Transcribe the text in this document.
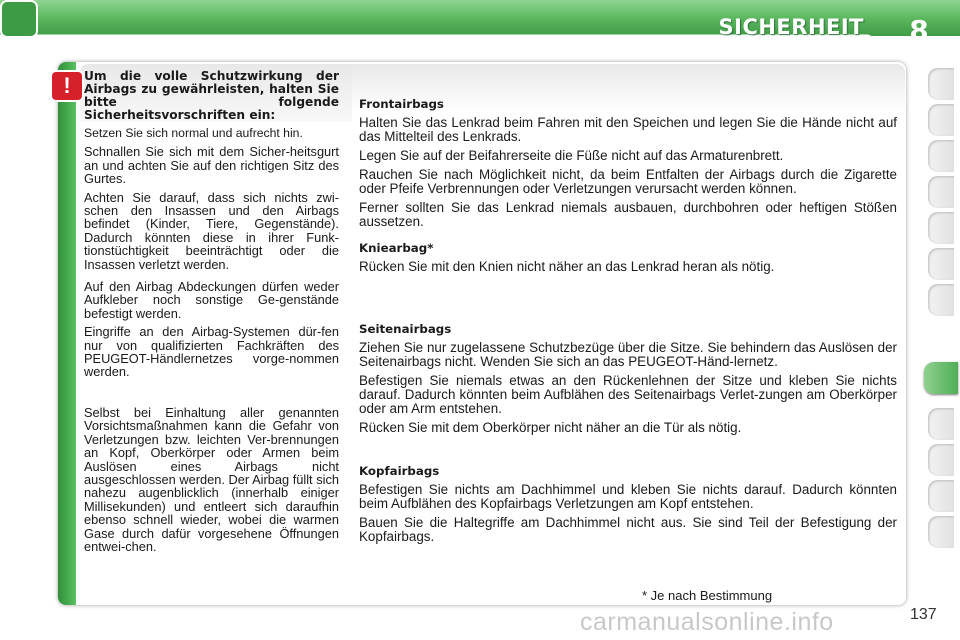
SICHERHEIT	8
!	Um die volle Schutzwirkung der Airbags zu gewährleisten, halten Sie bitte folgende Sicherheitsvorschriften ein:

Setzen Sie sich normal und aufrecht hin.

Schnallen Sie sich mit dem Sicher-heitsgurt an und achten Sie auf den richtigen Sitz des Gurtes.

Achten Sie darauf, dass sich nichts zwi-schen den Insassen und den Airbags befindet (Kinder, Tiere, Gegenstände). Dadurch könnten diese in ihrer Funk-tionstüchtigkeit beeinträchtigt oder die Insassen verletzt werden.

Auf den Airbag Abdeckungen dürfen weder Aufkleber noch sonstige Ge-genstände befestigt werden.

Eingriffe an den Airbag-Systemen dür-fen nur von qualifizierten Fachkräften des PEUGEOT-Händlernetzes vorge-nommen werden.

Selbst bei Einhaltung aller genannten Vorsichtsmaßnahmen kann die Gefahr von Verletzungen bzw. leichten Ver-brennungen an Kopf, Oberkörper oder Armen beim Auslösen eines Airbags nicht ausgeschlossen werden. Der Airbag füllt sich nahezu augenblicklich (innerhalb einiger Millisekunden) und entleert sich daraufhin ebenso schnell wieder, wobei die warmen Gase durch dafür vorgesehene Öffnungen entwei-chen.

Frontairbags

Halten Sie das Lenkrad beim Fahren mit den Speichen und legen Sie die Hände nicht auf das Mittelteil des Lenkrads.

Legen Sie auf der Beifahrerseite die Füße nicht auf das Armaturenbrett.

Rauchen Sie nach Möglichkeit nicht, da beim Entfalten der Airbags durch die Zigarette oder Pfeife Verbrennungen oder Verletzungen verursacht werden können.

Ferner sollten Sie das Lenkrad niemals ausbauen, durchbohren oder heftigen Stößen aussetzen.

Kniearbag*

Rücken Sie mit den Knien nicht näher an das Lenkrad heran als nötig.

Seitenairbags

Ziehen Sie nur zugelassene Schutzbezüge über die Sitze. Sie behindern das Auslösen der Seitenairbags nicht. Wenden Sie sich an das PEUGEOT-Händ-lernetz.

Befestigen Sie niemals etwas an den Rückenlehnen der Sitze und kleben Sie nichts darauf. Dadurch könnten beim Aufblähen des Seitenairbags Verlet-zungen am Oberkörper oder am Arm entstehen.

Rücken Sie mit dem Oberkörper nicht näher an die Tür als nötig.

Kopfairbags

Befestigen Sie nichts am Dachhimmel und kleben Sie nichts darauf. Dadurch könnten beim Aufblähen des Kopfairbags Verletzungen am Kopf entstehen.

Bauen Sie die Haltegriffe am Dachhimmel nicht aus. Sie sind Teil der Befestigung der Kopfairbags.

* Je nach Bestimmung
carmanualsonline.info	137
